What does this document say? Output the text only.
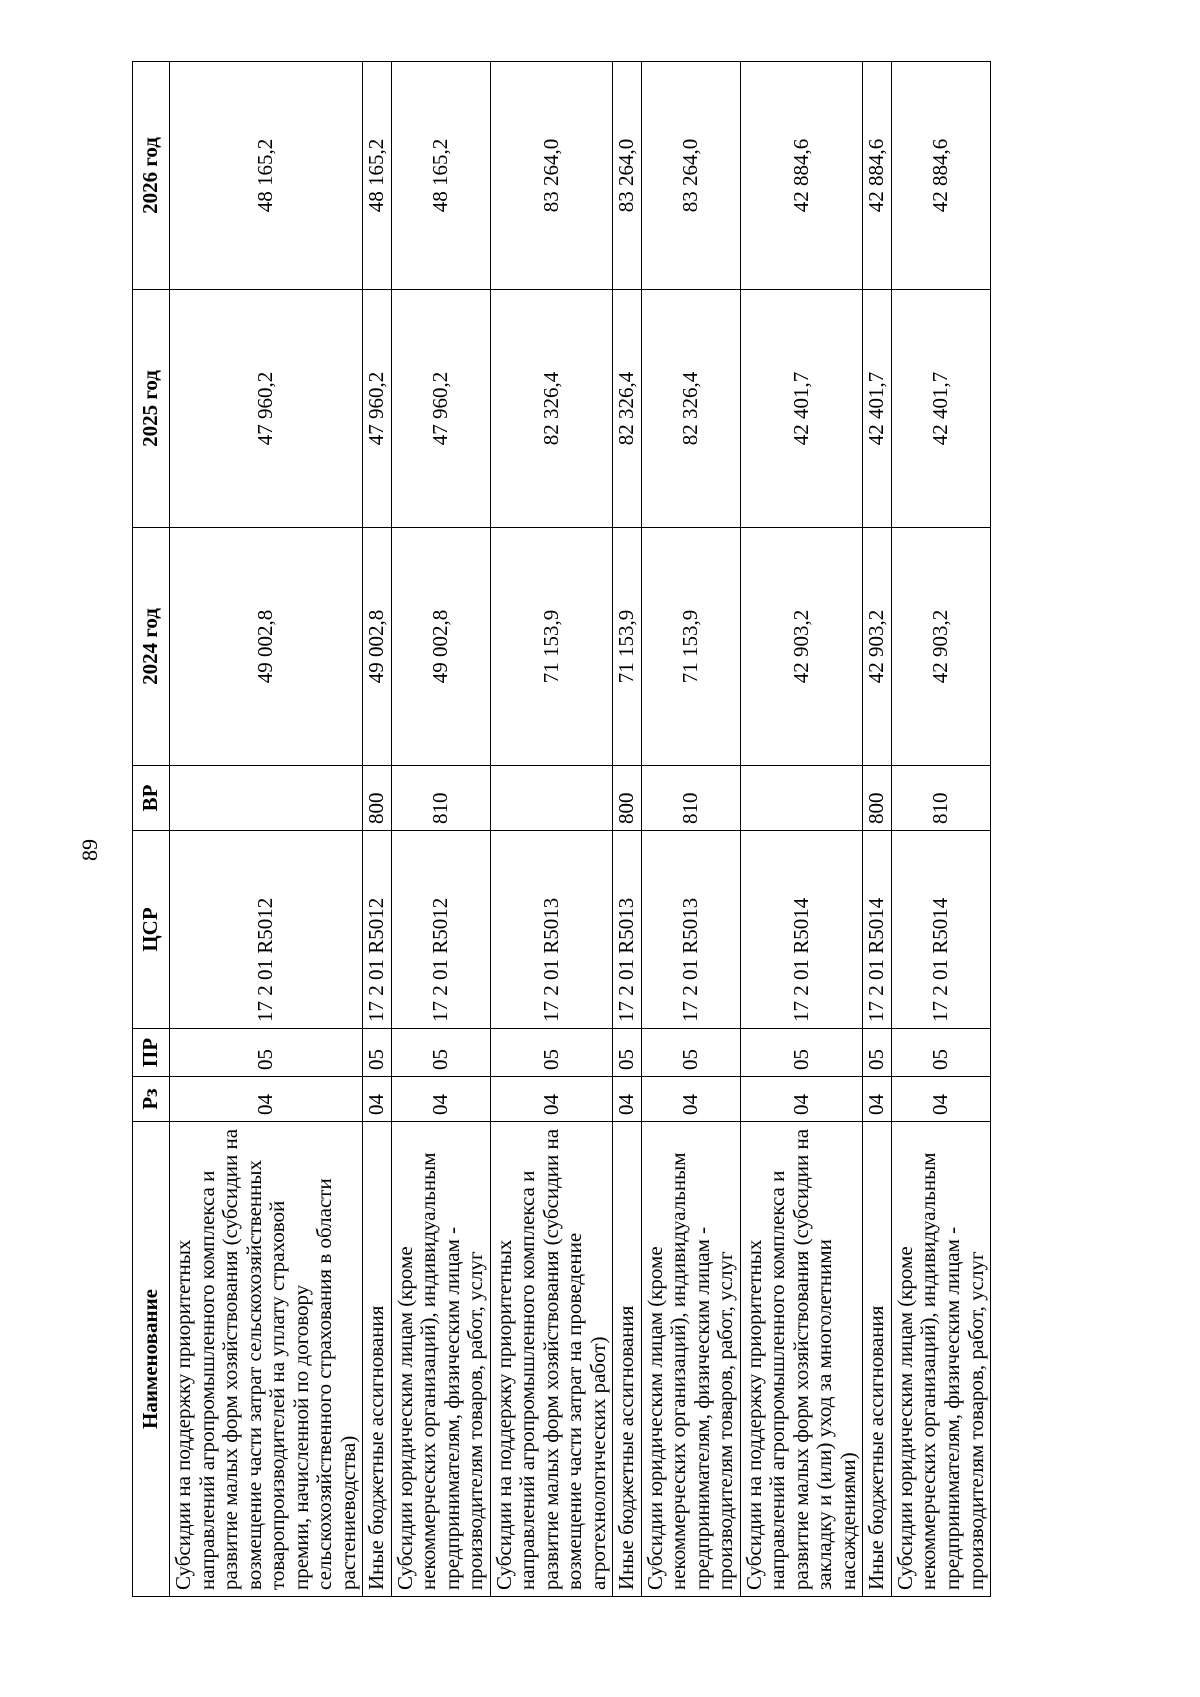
89
Наименование	Рз	ПР	ЦСР	ВР	2024 год	2025 год	2026 год
Субсидии на поддержку приоритетных направлений агропромышленного комплекса и развитие малых форм хозяйствования (субсидии на возмещение части затрат сельскохозяйственных товаропроизводителей на уплату страховой премии, начисленной по договору сельскохозяйственного страхования в области растениеводства)	04	05	17 2 01 R5012		49 002,8	47 960,2	48 165,2
Иные бюджетные ассигнования	04	05	17 2 01 R5012	800	49 002,8	47 960,2	48 165,2
Субсидии юридическим лицам (кроме некоммерческих организаций), индивидуальным предпринимателям, физическим лицам - производителям товаров, работ, услуг	04	05	17 2 01 R5012	810	49 002,8	47 960,2	48 165,2
Субсидии на поддержку приоритетных направлений агропромышленного комплекса и развитие малых форм хозяйствования (субсидии на возмещение части затрат на проведение агротехнологических работ)	04	05	17 2 01 R5013		71 153,9	82 326,4	83 264,0
Иные бюджетные ассигнования	04	05	17 2 01 R5013	800	71 153,9	82 326,4	83 264,0
Субсидии юридическим лицам (кроме некоммерческих организаций), индивидуальным предпринимателям, физическим лицам - производителям товаров, работ, услуг	04	05	17 2 01 R5013	810	71 153,9	82 326,4	83 264,0
Субсидии на поддержку приоритетных направлений агропромышленного комплекса и развитие малых форм хозяйствования (субсидии на закладку и (или) уход за многолетними насаждениями)	04	05	17 2 01 R5014		42 903,2	42 401,7	42 884,6
Иные бюджетные ассигнования	04	05	17 2 01 R5014	800	42 903,2	42 401,7	42 884,6
Субсидии юридическим лицам (кроме некоммерческих организаций), индивидуальным предпринимателям, физическим лицам - производителям товаров, работ, услуг	04	05	17 2 01 R5014	810	42 903,2	42 401,7	42 884,6
